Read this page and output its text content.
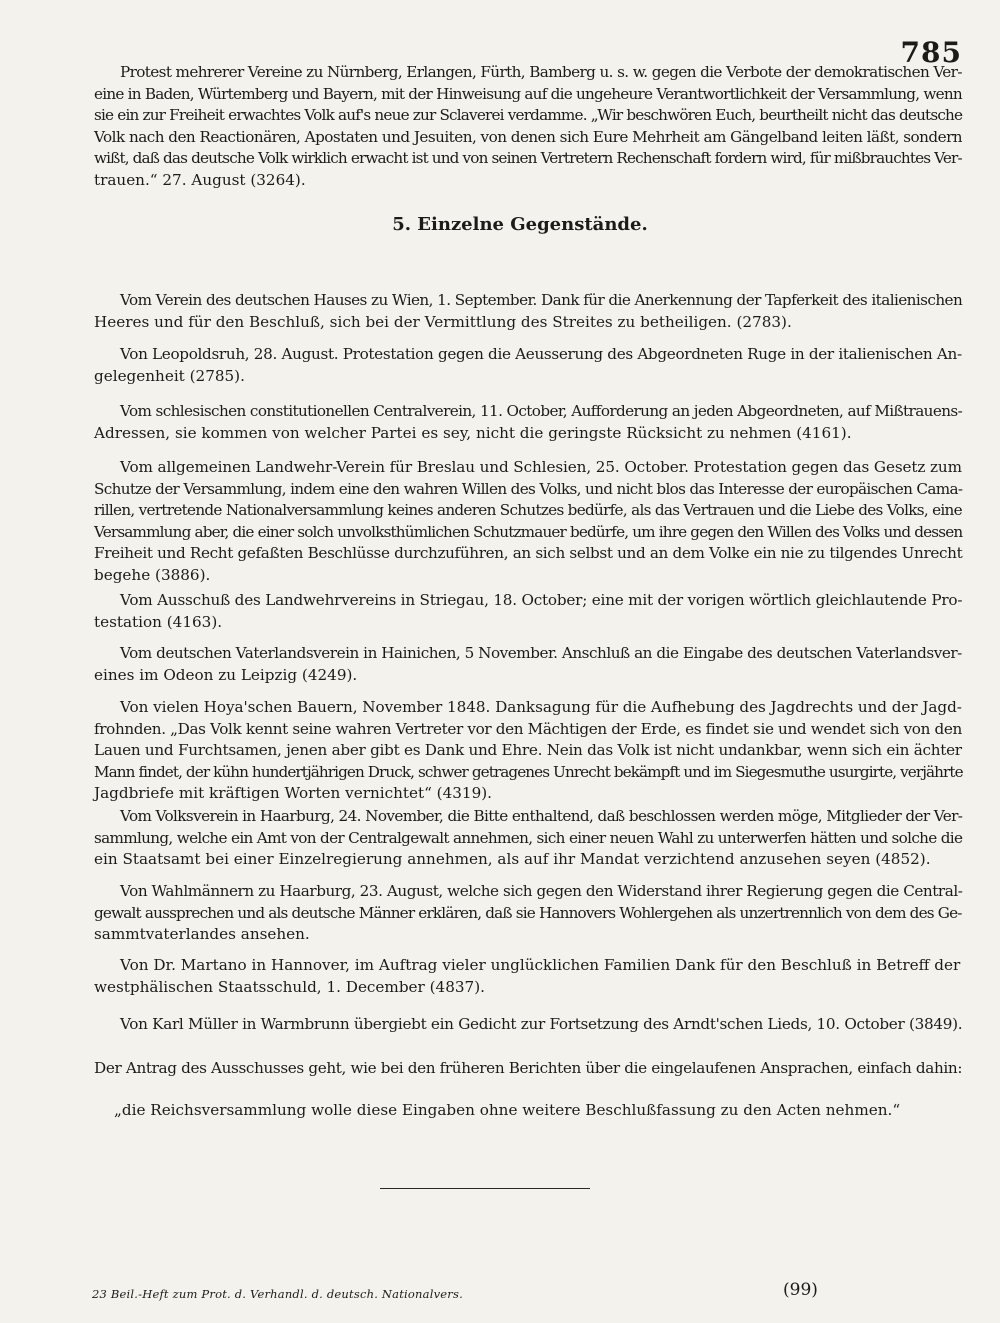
785
Protest mehrerer Vereine zu Nürnberg, Erlangen, Fürth, Bamberg u. s. w. gegen die Verbote der demokratischen Ver-
eine in Baden, Würtemberg und Bayern, mit der Hinweisung auf die ungeheure Verantwortlichkeit der Versammlung, wenn
sie ein zur Freiheit erwachtes Volk auf's neue zur Sclaverei verdamme. „Wir beschwören Euch, beurtheilt nicht das deutsche
Volk nach den Reactionären, Apostaten und Jesuiten, von denen sich Eure Mehrheit am Gängelband leiten läßt, sondern
wißt, daß das deutsche Volk wirklich erwacht ist und von seinen Vertretern Rechenschaft fordern wird, für mißbrauchtes Ver-
trauen.“ 27. August (3264).
5. Einzelne Gegenstände.
Vom Verein des deutschen Hauses zu Wien, 1. September. Dank für die Anerkennung der Tapferkeit des italienischen
Heeres und für den Beschluß, sich bei der Vermittlung des Streites zu betheiligen. (2783).
Von Leopoldsruh, 28. August. Protestation gegen die Aeusserung des Abgeordneten Ruge in der italienischen An-
gelegenheit (2785).
Vom schlesischen constitutionellen Centralverein, 11. October, Aufforderung an jeden Abgeordneten, auf Mißtrauens-
Adressen, sie kommen von welcher Partei es sey, nicht die geringste Rücksicht zu nehmen (4161).
Vom allgemeinen Landwehr-Verein für Breslau und Schlesien, 25. October. Protestation gegen das Gesetz zum
Schutze der Versammlung, indem eine den wahren Willen des Volks, und nicht blos das Interesse der europäischen Cama-
rillen, vertretende Nationalversammlung keines anderen Schutzes bedürfe, als das Vertrauen und die Liebe des Volks, eine
Versammlung aber, die einer solch unvolksthümlichen Schutzmauer bedürfe, um ihre gegen den Willen des Volks und dessen
Freiheit und Recht gefaßten Beschlüsse durchzuführen, an sich selbst und an dem Volke ein nie zu tilgendes Unrecht
begehe (3886).
Vom Ausschuß des Landwehrvereins in Striegau, 18. October; eine mit der vorigen wörtlich gleichlautende Pro-
testation (4163).
Vom deutschen Vaterlandsverein in Hainichen, 5 November. Anschluß an die Eingabe des deutschen Vaterlandsver-
eines im Odeon zu Leipzig (4249).
Von vielen Hoya'schen Bauern, November 1848. Danksagung für die Aufhebung des Jagdrechts und der Jagd-
frohnden. „Das Volk kennt seine wahren Vertreter vor den Mächtigen der Erde, es findet sie und wendet sich von den
Lauen und Furchtsamen, jenen aber gibt es Dank und Ehre. Nein das Volk ist nicht undankbar, wenn sich ein ächter
Mann findet, der kühn hundertjährigen Druck, schwer getragenes Unrecht bekämpft und im Siegesmuthe usurgirte, verjährte
Jagdbriefe mit kräftigen Worten vernichtet“ (4319).
Vom Volksverein in Haarburg, 24. November, die Bitte enthaltend, daß beschlossen werden möge, Mitglieder der Ver-
sammlung, welche ein Amt von der Centralgewalt annehmen, sich einer neuen Wahl zu unterwerfen hätten und solche die
ein Staatsamt bei einer Einzelregierung annehmen, als auf ihr Mandat verzichtend anzusehen seyen (4852).
Von Wahlmännern zu Haarburg, 23. August, welche sich gegen den Widerstand ihrer Regierung gegen die Central-
gewalt aussprechen und als deutsche Männer erklären, daß sie Hannovers Wohlergehen als unzertrennlich von dem des Ge-
sammtvaterlandes ansehen.
Von Dr. Martano in Hannover, im Auftrag vieler unglücklichen Familien Dank für den Beschluß in Betreff der
westphälischen Staatsschuld, 1. December (4837).
Von Karl Müller in Warmbrunn übergiebt ein Gedicht zur Fortsetzung des Arndt'schen Lieds, 10. October (3849).
Der Antrag des Ausschusses geht, wie bei den früheren Berichten über die eingelaufenen Ansprachen, einfach dahin:
„die Reichsversammlung wolle diese Eingaben ohne weitere Beschlußfassung zu den Acten nehmen.“
23 Beil.-Heft zum Prot. d. Verhandl. d. deutsch. Nationalvers.	(99)
